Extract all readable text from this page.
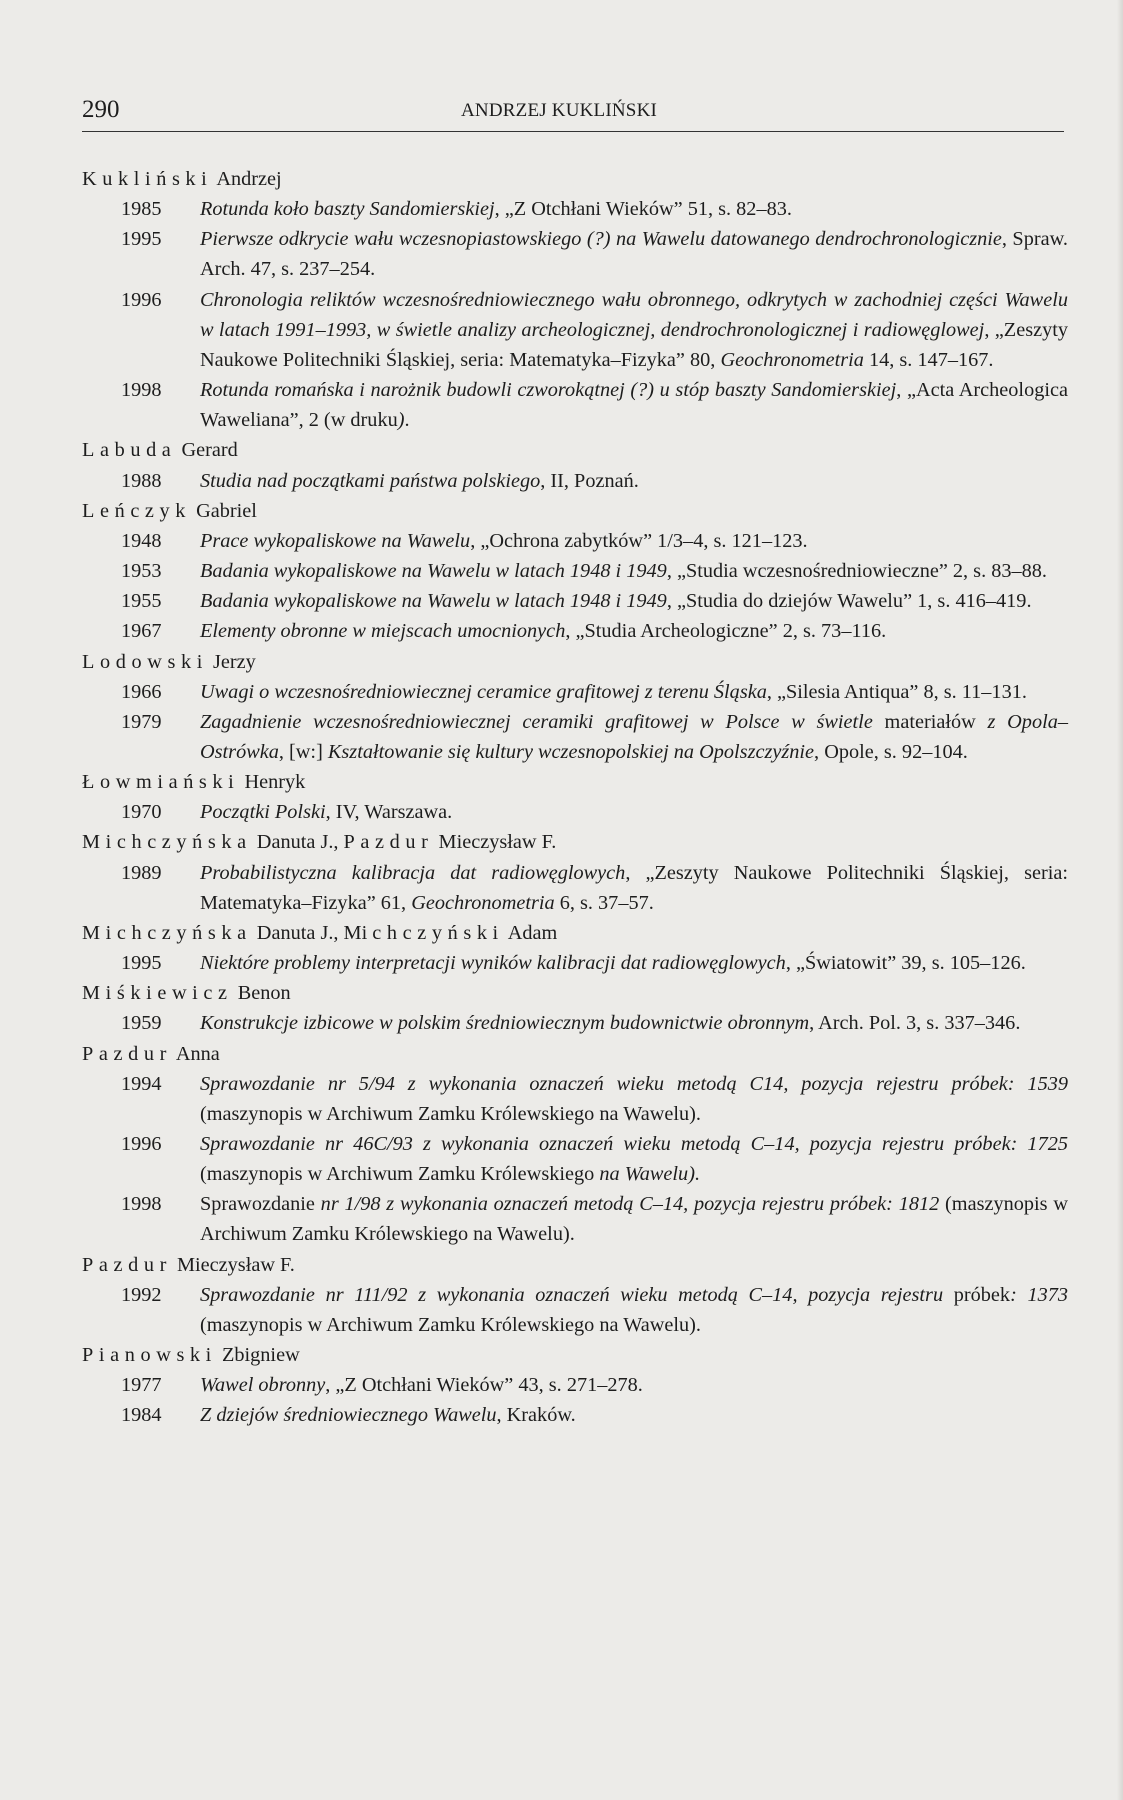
290	ANDRZEJ KUKLIŃSKI
Kukliński Andrzej
1985 Rotunda koło baszty Sandomierskiej, „Z Otchłani Wieków” 51, s. 82–83.
1995 Pierwsze odkrycie wału wczesnopiastowskiego (?) na Wawelu datowanego dendrochronologicznie, Spraw. Arch. 47, s. 237–254.
1996 Chronologia reliktów wczesnośredniowiecznego wału obronnego, odkrytych w zachodniej części Wawelu w latach 1991–1993, w świetle analizy archeologicznej, dendrochronologicznej i radiowęglowej, „Zeszyty Naukowe Politechniki Śląskiej, seria: Matematyka–Fizyka” 80, Geochronometria 14, s. 147–167.
1998 Rotunda romańska i narożnik budowli czworokątnej (?) u stóp baszty Sandomierskiej, „Acta Archeologica Waweliana”, 2 (w druku).
Labuda Gerard
1988 Studia nad początkami państwa polskiego, II, Poznań.
Leńczyk Gabriel
1948 Prace wykopaliskowe na Wawelu, „Ochrona zabytków” 1/3–4, s. 121–123.
1953 Badania wykopaliskowe na Wawelu w latach 1948 i 1949, „Studia wczesnośredniowieczne” 2, s. 83–88.
1955 Badania wykopaliskowe na Wawelu w latach 1948 i 1949, „Studia do dziejów Wawelu” 1, s. 416–419.
1967 Elementy obronne w miejscach umocnionych, „Studia Archeologiczne” 2, s. 73–116.
Lodowski Jerzy
1966 Uwagi o wczesnośredniowiecznej ceramice grafitowej z terenu Śląska, „Silesia Antiqua” 8, s. 11–131.
1979 Zagadnienie wczesnośredniowiecznej ceramiki grafitowej w Polsce w świetle materiałów z Opola–Ostrówka, [w:] Kształtowanie się kultury wczesnopolskiej na Opolszczyźnie, Opole, s. 92–104.
Łowmiański Henryk
1970 Początki Polski, IV, Warszawa.
Michczyńska Danuta J., Pazdur Mieczysław F.
1989 Probabilistyczna kalibracja dat radiowęglowych, „Zeszyty Naukowe Politechniki Śląskiej, seria: Matematyka–Fizyka” 61, Geochronometria 6, s. 37–57.
Michczyńska Danuta J., Mi chczyński Adam
1995 Niektóre problemy interpretacji wyników kalibracji dat radiowęglowych, „Światowit” 39, s. 105–126.
Miśkiewicz Benon
1959 Konstrukcje izbicowe w polskim średniowiecznym budownictwie obronnym, Arch. Pol. 3, s. 337–346.
Pazdur Anna
1994 Sprawozdanie nr 5/94 z wykonania oznaczeń wieku metodą C14, pozycja rejestru próbek: 1539 (maszynopis w Archiwum Zamku Królewskiego na Wawelu).
1996 Sprawozdanie nr 46C/93 z wykonania oznaczeń wieku metodą C–14, pozycja rejestru próbek: 1725 (maszynopis w Archiwum Zamku Królewskiego na Wawelu).
1998 Sprawozdanie nr 1/98 z wykonania oznaczeń metodą C–14, pozycja rejestru próbek: 1812 (maszynopis w Archiwum Zamku Królewskiego na Wawelu).
Pazdur Mieczysław F.
1992 Sprawozdanie nr 111/92 z wykonania oznaczeń wieku metodą C–14, pozycja rejestru próbek: 1373 (maszynopis w Archiwum Zamku Królewskiego na Wawelu).
Pianowski Zbigniew
1977 Wawel obronny, „Z Otchłani Wieków” 43, s. 271–278.
1984 Z dziejów średniowiecznego Wawelu, Kraków.
